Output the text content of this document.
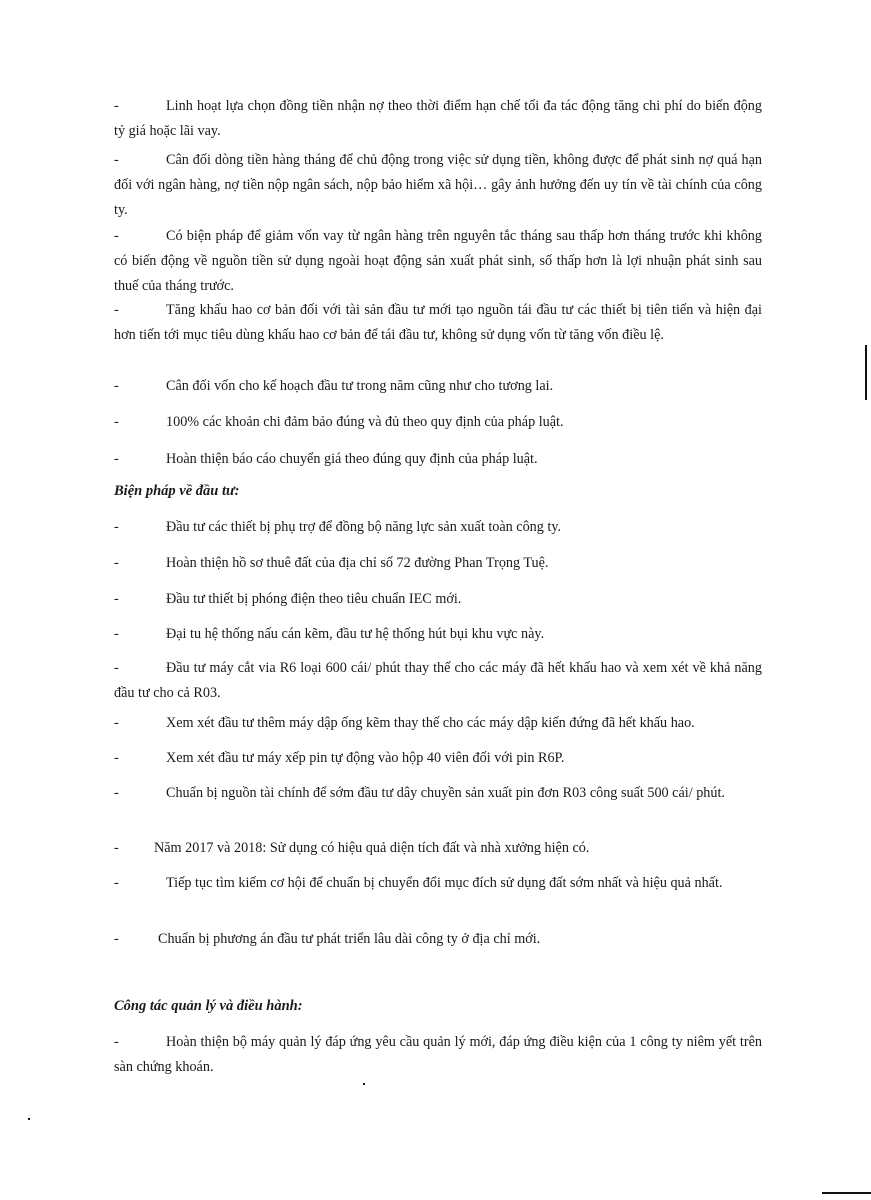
-	Linh hoạt lựa chọn đồng tiền nhận nợ theo thời điểm hạn chế tối đa tác động tăng chi phí do biến động tỷ giá hoặc lãi vay.

-	Cân đối dòng tiền hàng tháng để chủ động trong việc sử dụng tiền, không được để phát sinh nợ quá hạn đối với ngân hàng, nợ tiền nộp ngân sách, nộp bảo hiểm xã hội… gây ảnh hưởng đến uy tín về tài chính của công ty.

-	Có biện pháp để giảm vốn vay từ ngân hàng trên nguyên tắc tháng sau thấp hơn tháng trước khi không có biến động về nguồn tiền sử dụng ngoài hoạt động sản xuất phát sinh, số thấp hơn là lợi nhuận phát sinh sau thuế của tháng trước.

-	Tăng khấu hao cơ bản đối với tài sản đầu tư mới tạo nguồn tái đầu tư các thiết bị tiên tiến và hiện đại hơn tiến tới mục tiêu dùng khấu hao cơ bản để tái đầu tư, không sử dụng vốn từ tăng vốn điều lệ.

-	Cân đối vốn cho kế hoạch đầu tư trong năm cũng như cho tương lai.

-	100% các khoản chi đảm bảo đúng và đủ theo quy định của pháp luật.

-	Hoàn thiện báo cáo chuyển giá theo đúng quy định của pháp luật.

Biện pháp về đầu tư:

-	Đầu tư các thiết bị phụ trợ để đồng bộ năng lực sản xuất toàn công ty.

-	Hoàn thiện hồ sơ thuê đất của địa chỉ số 72 đường Phan Trọng Tuệ.

-	Đầu tư thiết bị phóng điện theo tiêu chuẩn IEC mới.

-	Đại tu hệ thống nấu cán kẽm, đầu tư hệ thống hút bụi khu vực này.

-	Đầu tư máy cắt via R6 loại 600 cái/ phút thay thế cho các máy đã hết khấu hao và xem xét về khả năng đầu tư cho cả R03.

-	Xem xét đầu tư thêm máy dập ống kẽm thay thế cho các máy dập kiến đứng đã hết khấu hao.

-	Xem xét đầu tư máy xếp pin tự động vào hộp 40 viên đối với pin R6P.

-	Chuẩn bị nguồn tài chính để sớm đầu tư dây chuyền sản xuất pin đơn R03 công suất 500 cái/ phút.

- Năm 2017 và 2018: Sử dụng có hiệu quả diện tích đất và nhà xưởng hiện có.

-	Tiếp tục tìm kiếm cơ hội để chuẩn bị chuyển đổi mục đích sử dụng đất sớm nhất và hiệu quả nhất.

-	Chuẩn bị phương án đầu tư phát triển lâu dài công ty ở địa chỉ mới.

Công tác quản lý và điều hành:

-	Hoàn thiện bộ máy quản lý đáp ứng yêu cầu quản lý mới, đáp ứng điều kiện của 1 công ty niêm yết trên sàn chứng khoán.
